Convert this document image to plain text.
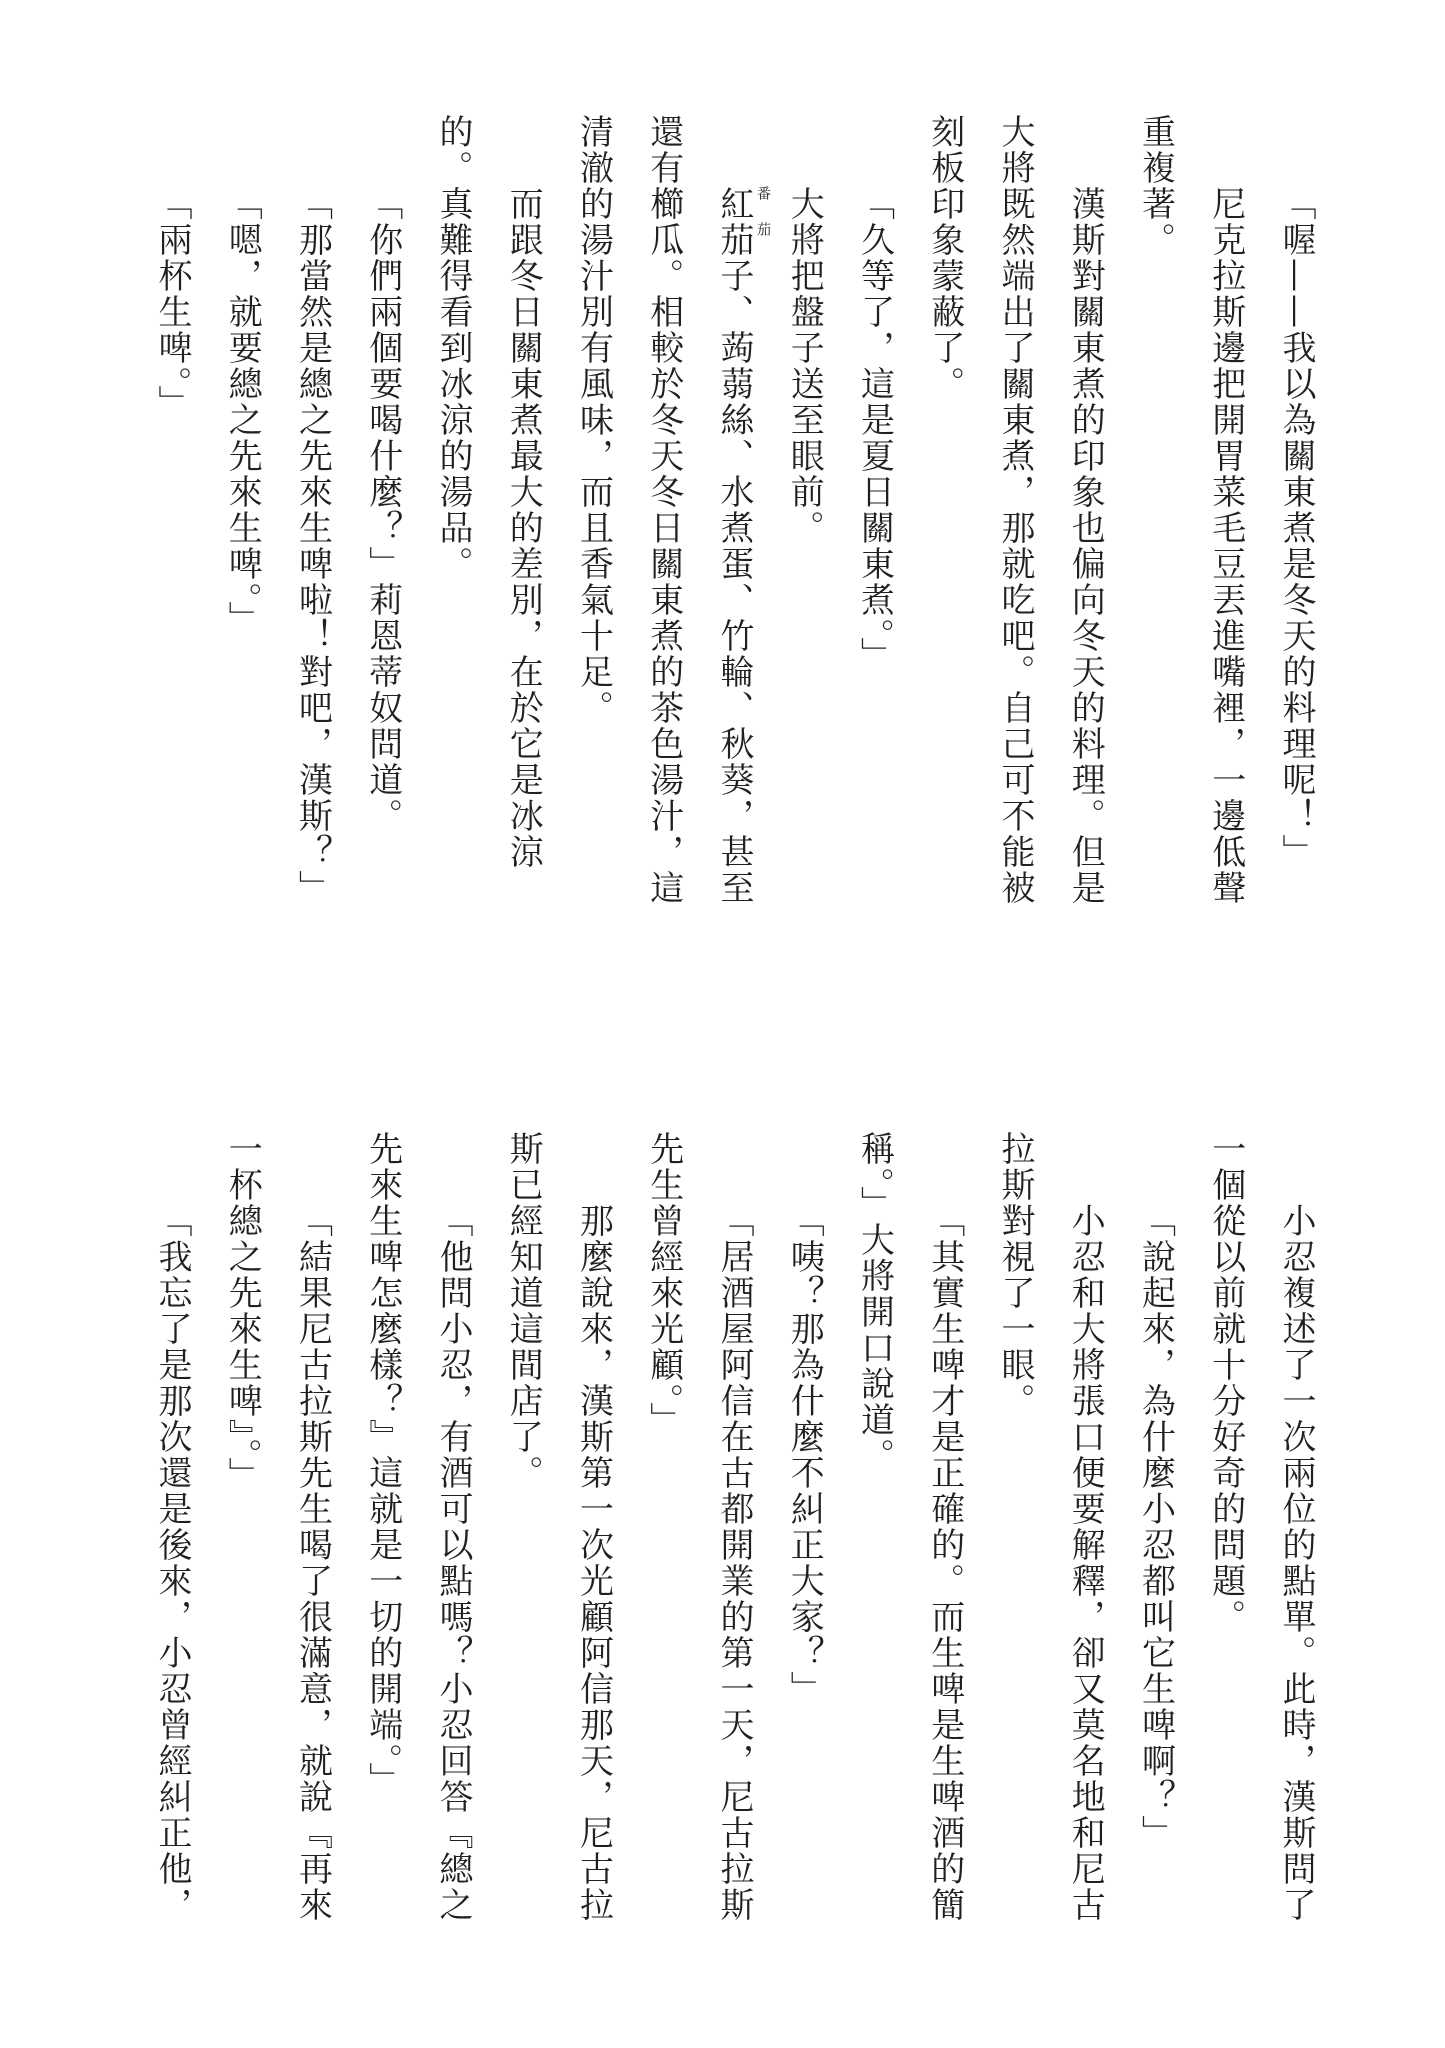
「喔——我以為關東煮是冬天的料理呢！」
尼克拉斯邊把開胃菜毛豆丟進嘴裡，一邊低聲
重複著。
漢斯對關東煮的印象也偏向冬天的料理。但是
大將既然端出了關東煮，那就吃吧。自己可不能被
刻板印象蒙蔽了。
「久等了，這是夏日關東煮。」
大將把盤子送至眼前。
紅 番
茄 茄
子、蒟蒻絲、水煮蛋、竹輪、秋葵，甚至
還有櫛瓜。相較於冬天冬日關東煮的茶色湯汁，這
清澈的湯汁別有風味，而且香氣十足。
而跟冬日關東煮最大的差別，在於它是冰涼
的。真難得看到冰涼的湯品。
「你們兩個要喝什麼？」莉恩蒂奴問道。
「那當然是總之先來生啤啦！對吧，漢斯？」
「嗯，就要總之先來生啤。」
「兩杯生啤。」
小忍複述了一次兩位的點單。此時，漢斯問了
一個從以前就十分好奇的問題。
「說起來，為什麼小忍都叫它生啤啊？」
小忍和大將張口便要解釋，卻又莫名地和尼古
拉斯對視了一眼。
「其實生啤才是正確的。而生啤是生啤酒的簡
稱。」大將開口說道。
「咦？那為什麼不糾正大家？」
「居酒屋阿信在古都開業的第一天，尼古拉斯
先生曾經來光顧。」
那麼說來，漢斯第一次光顧阿信那天，尼古拉
斯已經知道這間店了。
「他問小忍，有酒可以點嗎？小忍回答『總之
先來生啤怎麼樣？』這就是一切的開端。」
「結果尼古拉斯先生喝了很滿意，就說『再來
一杯總之先來生啤』。」
「我忘了是那次還是後來，小忍曾經糾正他，
